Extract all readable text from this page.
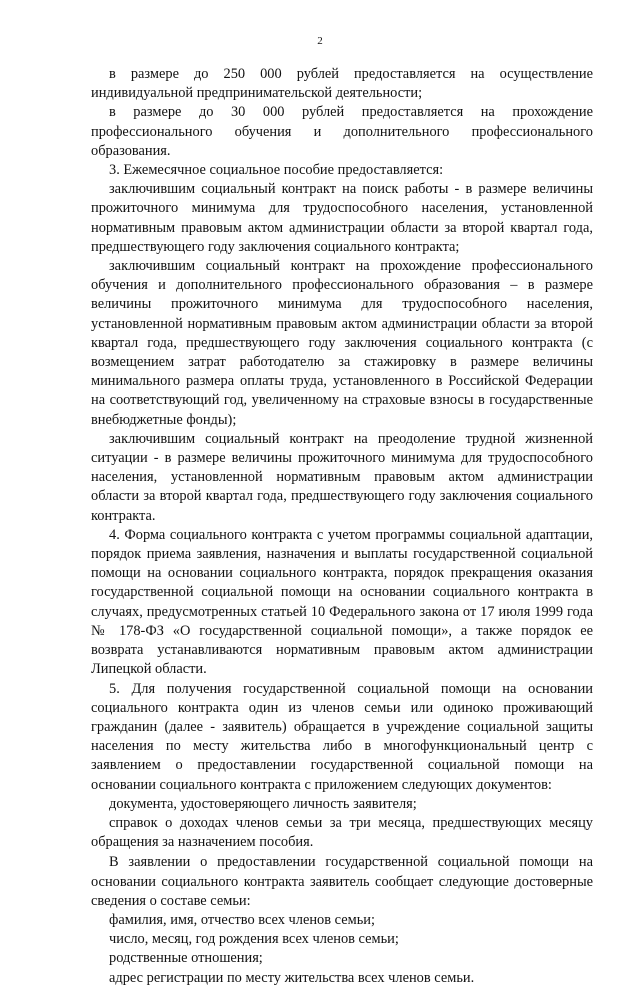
2

в размере до 250 000 рублей предоставляется на осуществление индивидуальной предпринимательской деятельности;

в размере до 30 000 рублей предоставляется на прохождение профессионального обучения и дополнительного профессионального образования.

3. Ежемесячное социальное пособие предоставляется:

заключившим социальный контракт на поиск работы - в размере величины прожиточного минимума для трудоспособного населения, установленной нормативным правовым актом администрации области за второй квартал года, предшествующего году заключения социального контракта;

заключившим социальный контракт на прохождение профессионального обучения и дополнительного профессионального образования – в размере величины прожиточного минимума для трудоспособного населения, установленной нормативным правовым актом администрации области за второй квартал года, предшествующего году заключения социального контракта (с возмещением затрат работодателю за стажировку в размере величины минимального размера оплаты труда, установленного в Российской Федерации на соответствующий год, увеличенному на страховые взносы в государственные внебюджетные фонды);

заключившим социальный контракт на преодоление трудной жизненной ситуации - в размере величины прожиточного минимума для трудоспособного населения, установленной нормативным правовым актом администрации области за второй квартал года, предшествующего году заключения социального контракта.

4. Форма социального контракта с учетом программы социальной адаптации, порядок приема заявления, назначения и выплаты государственной социальной помощи на основании социального контракта, порядок прекращения оказания государственной социальной помощи на основании социального контракта в случаях, предусмотренных статьей 10 Федерального закона от 17 июля 1999 года № 178-ФЗ «О государственной социальной помощи», а также порядок ее возврата устанавливаются нормативным правовым актом администрации Липецкой области.

5. Для получения государственной социальной помощи на основании социального контракта один из членов семьи или одиноко проживающий гражданин (далее - заявитель) обращается в учреждение социальной защиты населения по месту жительства либо в многофункциональный центр с заявлением о предоставлении государственной социальной помощи на основании социального контракта с приложением следующих документов:

документа, удостоверяющего личность заявителя;

справок о доходах членов семьи за три месяца, предшествующих месяцу обращения за назначением пособия.

В заявлении о предоставлении государственной социальной помощи на основании социального контракта заявитель сообщает следующие достоверные сведения о составе семьи:

фамилия, имя, отчество всех членов семьи;

число, месяц, год рождения всех членов семьи;

родственные отношения;

адрес регистрации по месту жительства всех членов семьи.
